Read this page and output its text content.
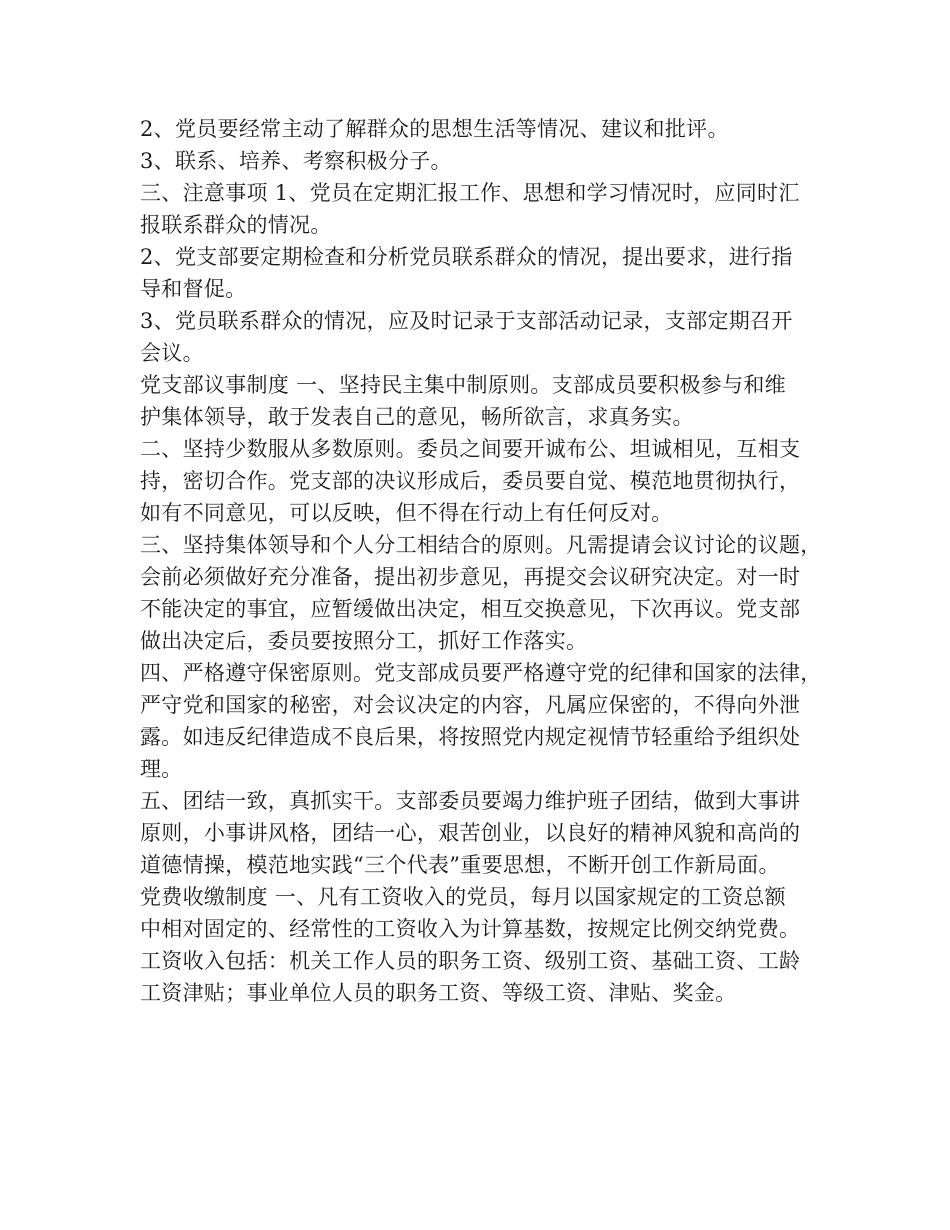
2、党员要经常主动了解群众的思想生活等情况、建议和批评。
3、联系、培养、考察积极分子。
三、注意事项 1、党员在定期汇报工作、思想和学习情况时，应同时汇
报联系群众的情况。
2、党支部要定期检查和分析党员联系群众的情况，提出要求，进行指
导和督促。
3、党员联系群众的情况，应及时记录于支部活动记录，支部定期召开
会议。
党支部议事制度 一、坚持民主集中制原则。支部成员要积极参与和维
护集体领导，敢于发表自己的意见，畅所欲言，求真务实。
二、坚持少数服从多数原则。委员之间要开诚布公、坦诚相见，互相支
持，密切合作。党支部的决议形成后，委员要自觉、模范地贯彻执行，
如有不同意见，可以反映，但不得在行动上有任何反对。
三、坚持集体领导和个人分工相结合的原则。凡需提请会议讨论的议题，
会前必须做好充分准备，提出初步意见，再提交会议研究决定。对一时
不能决定的事宜，应暂缓做出决定，相互交换意见，下次再议。党支部
做出决定后，委员要按照分工，抓好工作落实。
四、严格遵守保密原则。党支部成员要严格遵守党的纪律和国家的法律，
严守党和国家的秘密，对会议决定的内容，凡属应保密的，不得向外泄
露。如违反纪律造成不良后果，将按照党内规定视情节轻重给予组织处
理。
五、团结一致，真抓实干。支部委员要竭力维护班子团结，做到大事讲
原则，小事讲风格，团结一心，艰苦创业，以良好的精神风貌和高尚的
道德情操，模范地实践“三个代表”重要思想，不断开创工作新局面。
党费收缴制度 一、凡有工资收入的党员，每月以国家规定的工资总额
中相对固定的、经常性的工资收入为计算基数，按规定比例交纳党费。
工资收入包括：机关工作人员的职务工资、级别工资、基础工资、工龄
工资津贴；事业单位人员的职务工资、等级工资、津贴、奖金。
